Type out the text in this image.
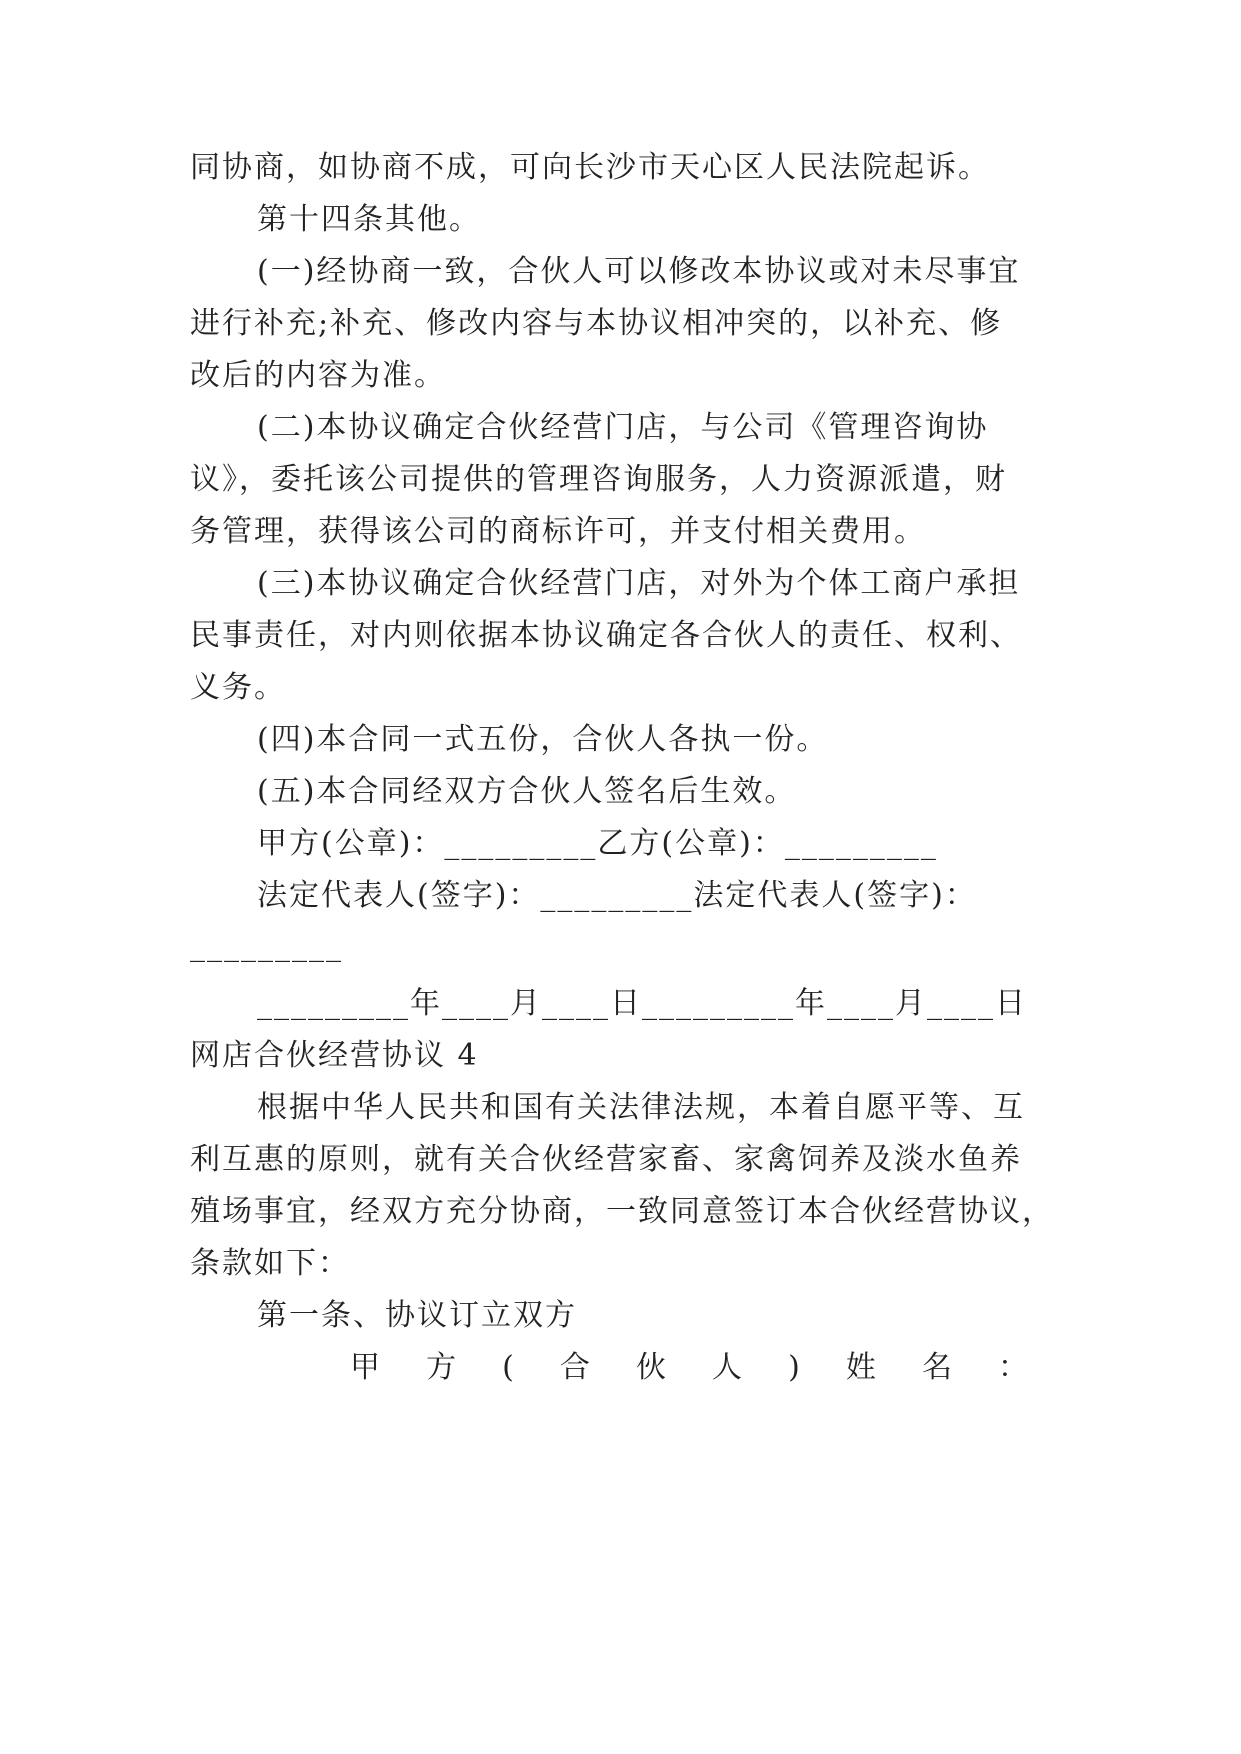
同协商，如协商不成，可向长沙市天心区人民法院起诉。
第十四条其他。
(一)经协商一致，合伙人可以修改本协议或对未尽事宜
进行补充;补充、修改内容与本协议相冲突的，以补充、修
改后的内容为准。
(二)本协议确定合伙经营门店，与公司《管理咨询协
议》，委托该公司提供的管理咨询服务，人力资源派遣，财
务管理，获得该公司的商标许可，并支付相关费用。
(三)本协议确定合伙经营门店，对外为个体工商户承担
民事责任，对内则依据本协议确定各合伙人的责任、权利、
义务。
(四)本合同一式五份，合伙人各执一份。
(五)本合同经双方合伙人签名后生效。
甲方(公章)：_________乙方(公章)：_________
法定代表人(签字)：_________法定代表人(签字)：
_________
_________年____月____日_________年____月____日
网店合伙经营协议 4
根据中华人民共和国有关法律法规，本着自愿平等、互
利互惠的原则，就有关合伙经营家畜、家禽饲养及淡水鱼养
殖场事宜，经双方充分协商，一致同意签订本合伙经营协议，
条款如下：
第一条、协议订立双方
甲 方 ( 合 伙 人 ) 姓 名 ：
